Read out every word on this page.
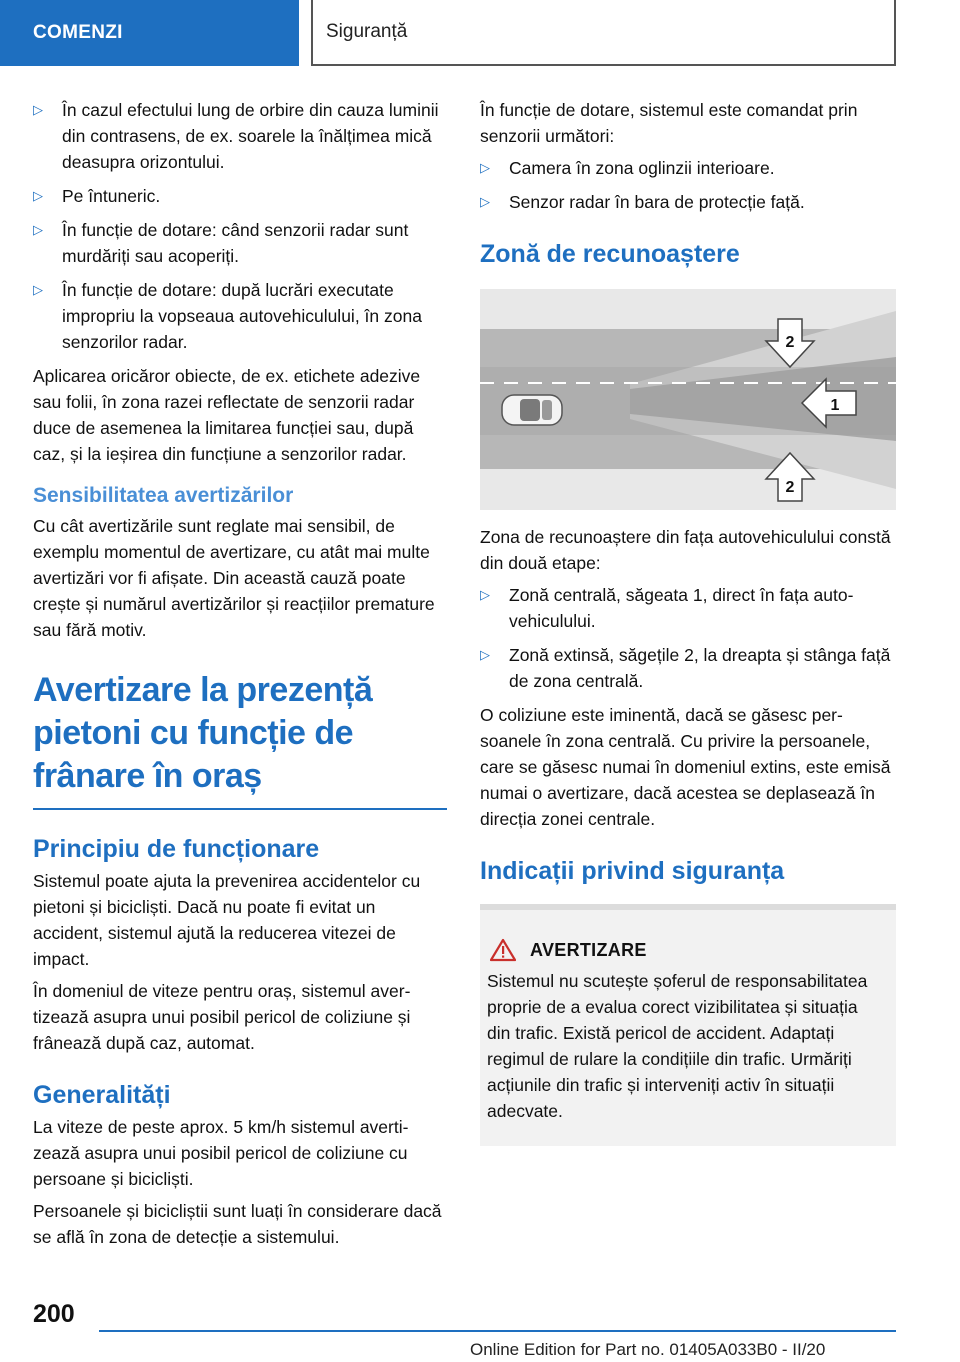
COMENZI	Siguranță
▷ În cazul efectului lung de orbire din cauza luminii din contrasens, de ex. soarele la înălțimea mică deasupra orizontului.
▷ Pe întuneric.
▷ În funcție de dotare: când senzorii radar sunt murdăriți sau acoperiți.
▷ În funcție de dotare: după lucrări executate impropriu la vopseaua autovehiculului, în zona senzorilor radar.

Aplicarea oricăror obiecte, de ex. etichete adezive sau folii, în zona razei reflectate de senzorii radar duce de asemenea la limitarea funcției sau, după caz, și la ieșirea din funcțiune a senzorilor radar.

Sensibilitatea avertizărilor

Cu cât avertizările sunt reglate mai sensibil, de exemplu momentul de avertizare, cu atât mai multe avertizări vor fi afișate. Din această cauză poate crește și numărul avertizărilor și reacțiilor premature sau fără motiv.

Avertizare la prezență pietoni cu funcție de frânare în oraș
Principiu de funcționare

Sistemul poate ajuta la prevenirea accidentelor cu pietoni și bicicliști. Dacă nu poate fi evitat un accident, sistemul ajută la reducerea vitezei de impact.

În domeniul de viteze pentru oraș, sistemul avertizează asupra unui posibil pericol de coliziune și frânează după caz, automat.

Generalități

La viteze de peste aprox. 5 km/h sistemul avertizează asupra unui posibil pericol de coliziune cu persoane și bicicliști.

Persoanele și bicicliștii sunt luați în considerare dacă se află în zona de detecție a sistemului.

În funcție de dotare, sistemul este comandat prin senzorii următori:

▷ Camera în zona oglinzii interioare.
▷ Senzor radar în bara de protecție față.
Zonă de recunoaștere
1
2
2

Zona de recunoaștere din fața autovehiculului constă din două etape:

▷ Zonă centrală, săgeata 1, direct în fața autovehiculului.
▷ Zonă extinsă, săgețile 2, la dreapta și stânga față de zona centrală.

O coliziune este iminentă, dacă se găsesc persoanele în zona centrală. Cu privire la persoanele, care se găsesc numai în domeniul extins, este emisă numai o avertizare, dacă acestea se deplasează în direcția zonei centrale.

Indicații privind siguranța
AVERTIZARE

Sistemul nu scutește șoferul de responsabilitatea proprie de a evalua corect vizibilitatea și situația din trafic. Există pericol de accident. Adaptați regimul de rulare la condițiile din trafic. Urmăriți acțiunile din trafic și interveniți activ în situații adecvate.

200
Online Edition for Part no. 01405A033B0 - II/20
